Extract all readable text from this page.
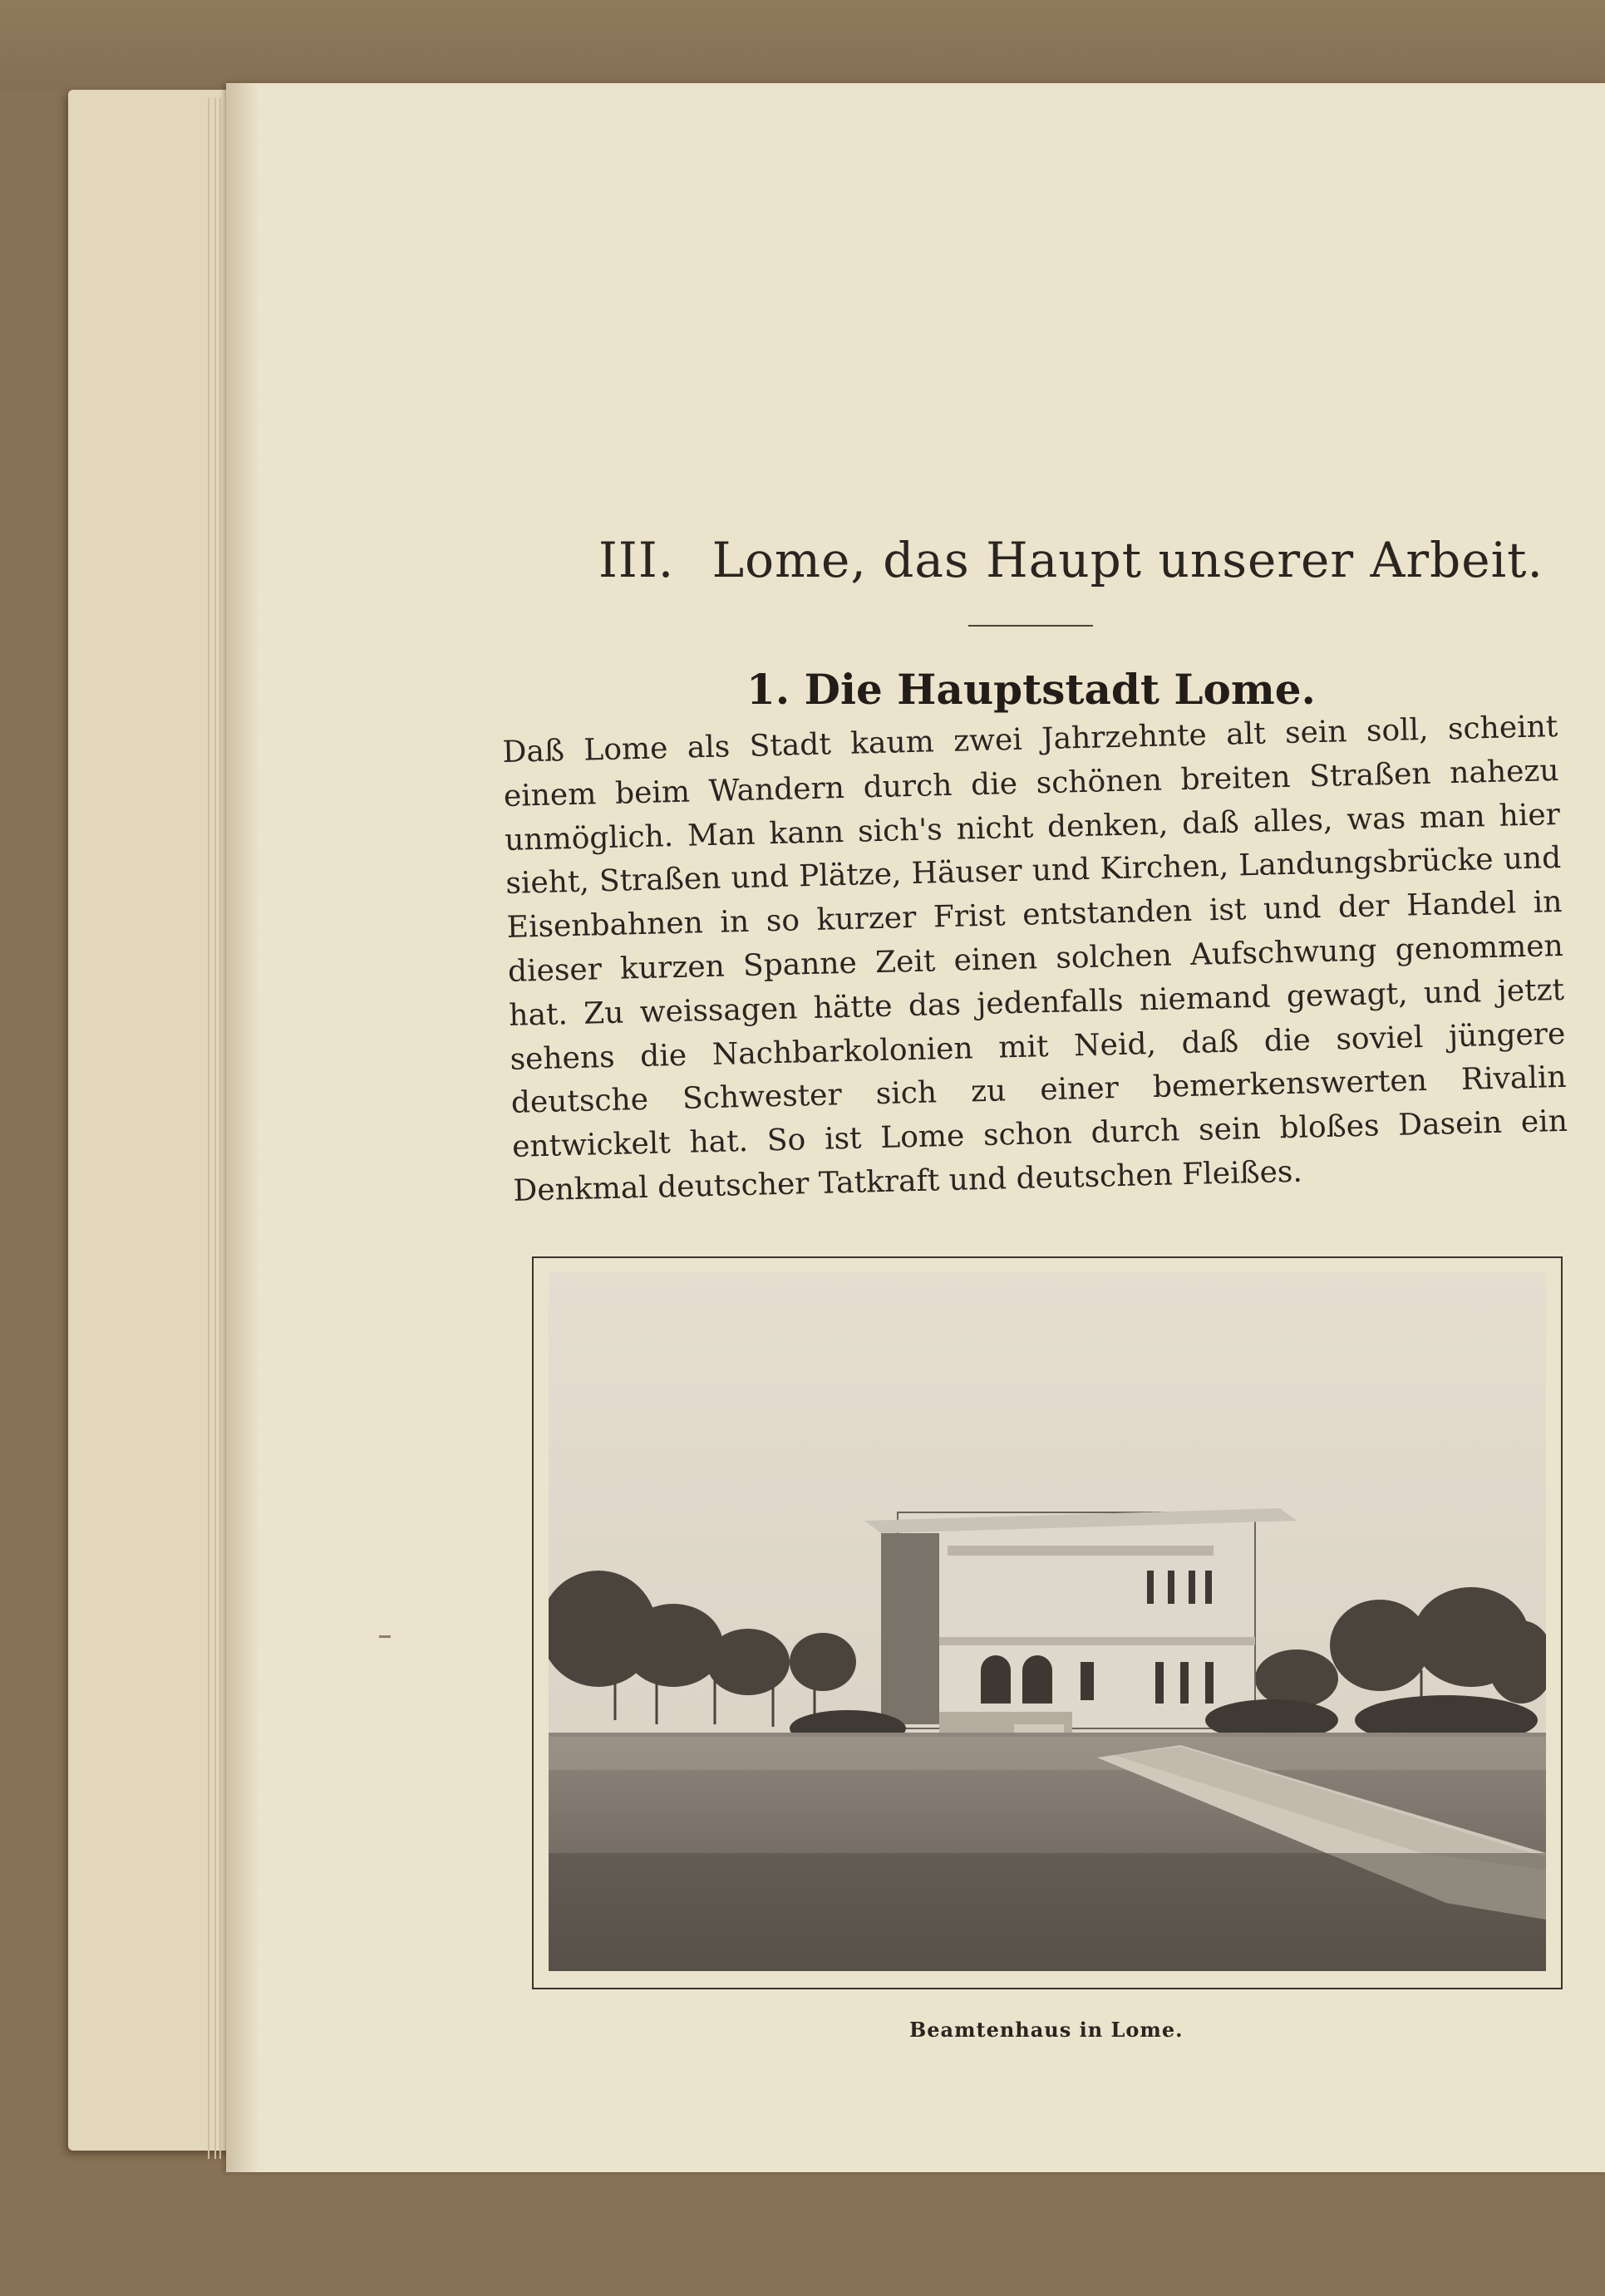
III. Lome, das Haupt unserer Arbeit.
1. Die Hauptstadt Lome.
Daß Lome als Stadt kaum zwei Jahrzehnte alt sein soll, scheint einem beim Wandern durch die schönen breiten Straßen nahezu unmöglich. Man kann sich's nicht denken, daß alles, was man hier sieht, Straßen und Plätze, Häuser und Kirchen, Landungsbrücke und Eisenbahnen in so kurzer Frist entstanden ist und der Handel in dieser kurzen Spanne Zeit einen solchen Aufschwung genommen hat. Zu weissagen hätte das jedenfalls niemand gewagt, und jetzt sehens die Nachbarkolonien mit Neid, daß die soviel jüngere deutsche Schwester sich zu einer bemerkenswerten Rivalin entwickelt hat. So ist Lome schon durch sein bloßes Dasein ein Denkmal deutscher Tatkraft und deutschen Fleißes.
Beamtenhaus in Lome.
